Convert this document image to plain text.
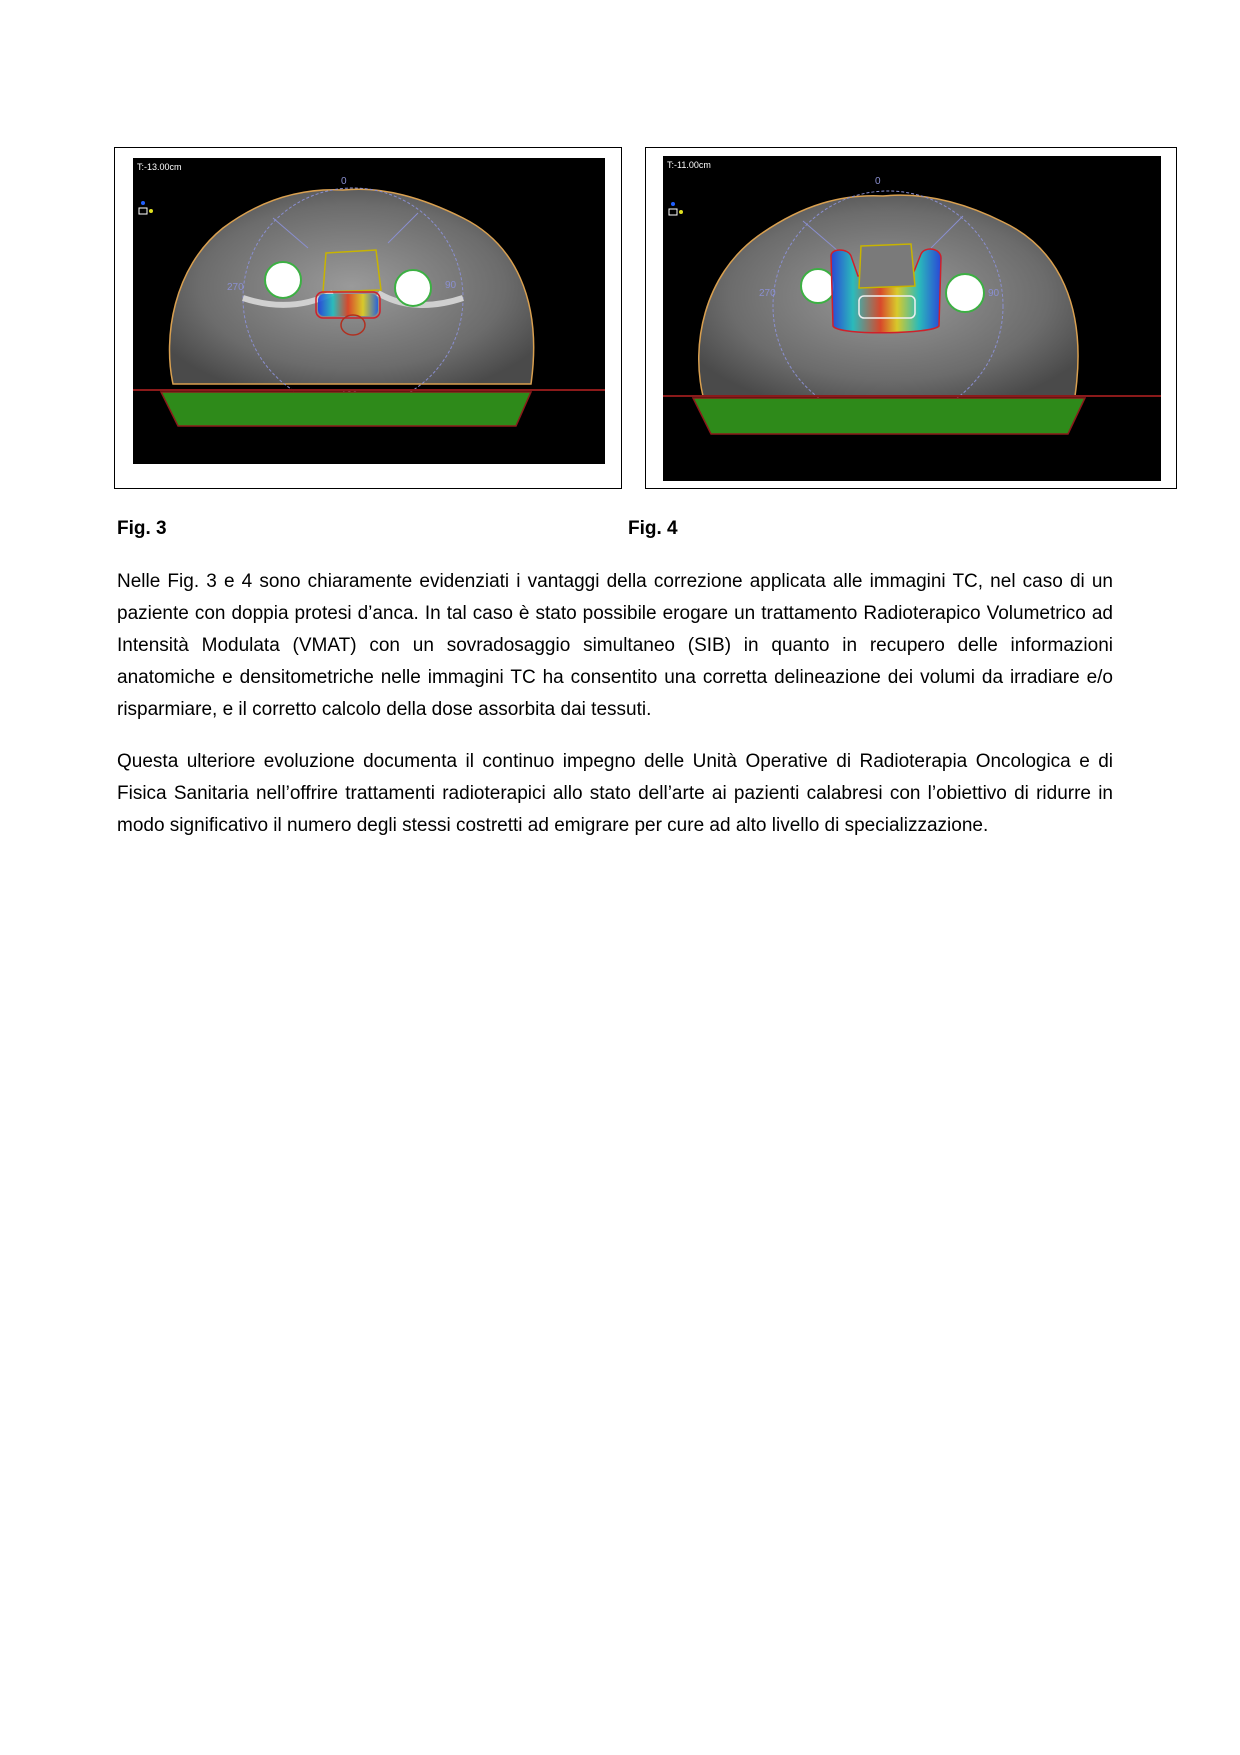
T:-13.00cm
0
270	90
T:-11.00cm
0
270	90
Fig. 3	Fig. 4

Nelle Fig. 3 e 4 sono chiaramente evidenziati i vantaggi della correzione applicata alle immagini TC, nel caso di un paziente con doppia protesi d’anca. In tal caso è stato possibile erogare un trattamento Radioterapico Volumetrico ad Intensità Modulata (VMAT) con un sovradosaggio simultaneo (SIB) in quanto in recupero delle informazioni anatomiche e densitometriche nelle immagini TC ha consentito una corretta delineazione dei volumi da irradiare e/o risparmiare, e il corretto calcolo della dose assorbita dai tessuti.

Questa ulteriore evoluzione documenta il continuo impegno delle Unità Operative di Radioterapia Oncologica e di Fisica Sanitaria nell’offrire trattamenti radioterapici allo stato dell’arte ai pazienti calabresi con l’obiettivo di ridurre in modo significativo il numero degli stessi costretti ad emigrare per cure ad alto livello di specializzazione.
